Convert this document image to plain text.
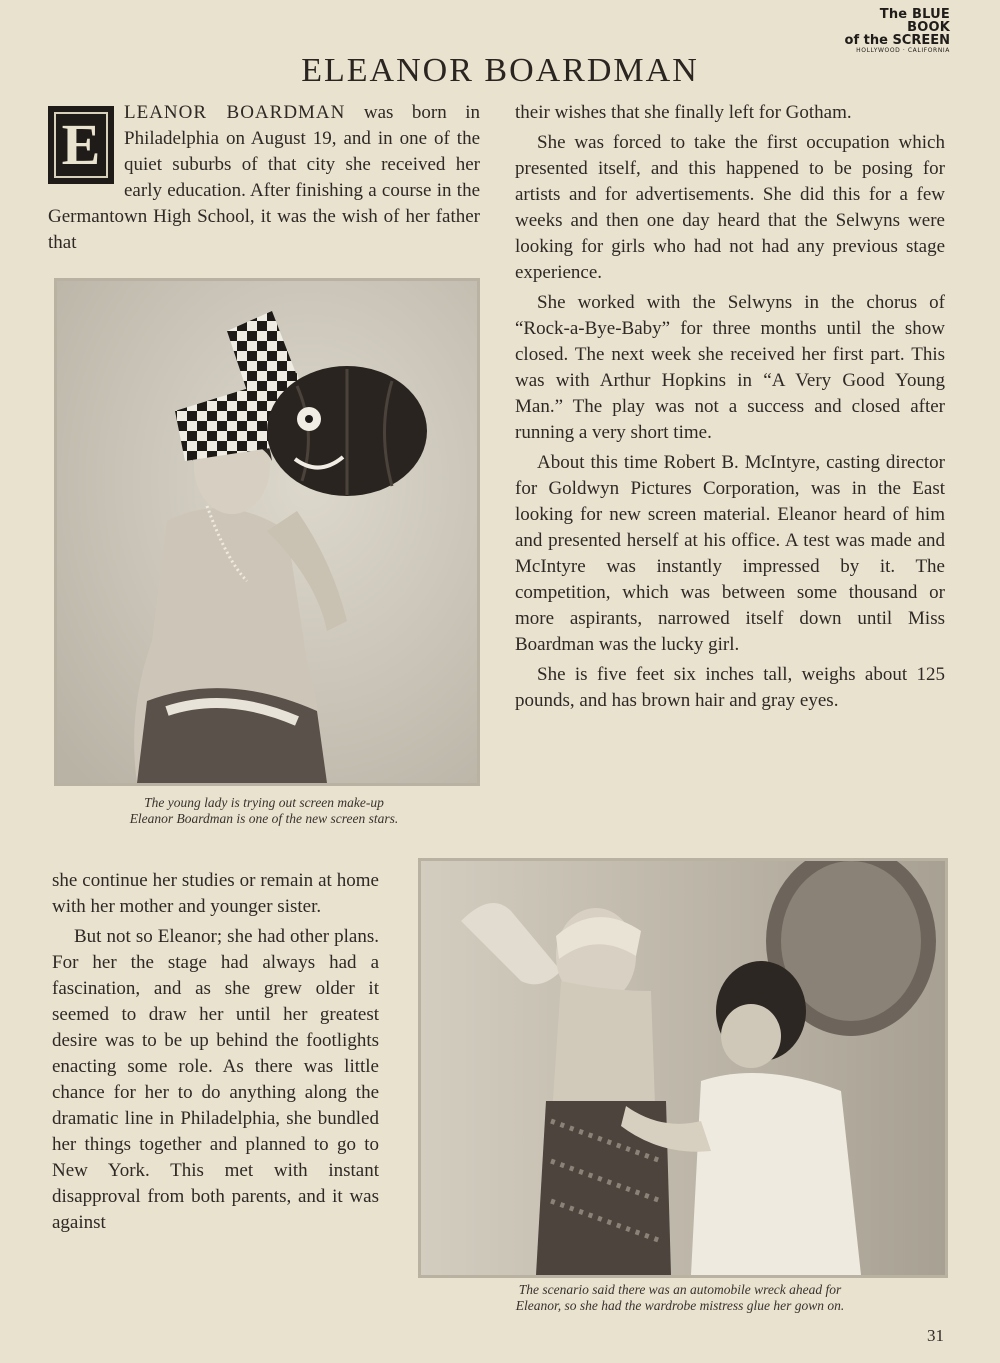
The BLUE BOOK
of the SCREEN
HOLLYWOOD · CALIFORNIA
ELEANOR BOARDMAN
E	LEANOR BOARDMAN was born in Philadelphia on August 19, and in one of the quiet suburbs of that city she received her early education. After finishing a course in the Germantown High School, it was the wish of her father that

The young lady is trying out screen make-up
Eleanor Boardman is one of the new screen stars.

their wishes that she finally left for Gotham.

She was forced to take the first occupation which presented itself, and this happened to be posing for artists and for advertisements. She did this for a few weeks and then one day heard that the Selwyns were looking for girls who had not had any previous stage experience.

She worked with the Selwyns in the chorus of “Rock-a-Bye-Baby” for three months until the show closed. The next week she received her first part. This was with Arthur Hopkins in “A Very Good Young Man.” The play was not a success and closed after running a very short time.

About this time Robert B. McIntyre, casting director for Goldwyn Pictures Corporation, was in the East looking for new screen material. Eleanor heard of him and presented herself at his office. A test was made and McIntyre was instantly impressed by it. The competition, which was between some thousand or more aspirants, narrowed itself down until Miss Boardman was the lucky girl.

She is five feet six inches tall, weighs about 125 pounds, and has brown hair and gray eyes.

she continue her studies or remain at home with her mother and younger sister.

But not so Eleanor; she had other plans. For her the stage had always had a fascination, and as she grew older it seemed to draw her until her greatest desire was to be up behind the footlights enacting some role. As there was little chance for her to do anything along the dramatic line in Philadelphia, she bundled her things together and planned to go to New York. This met with instant disapproval from both parents, and it was against

The scenario said there was an automobile wreck ahead for
Eleanor, so she had the wardrobe mistress glue her gown on.
31
